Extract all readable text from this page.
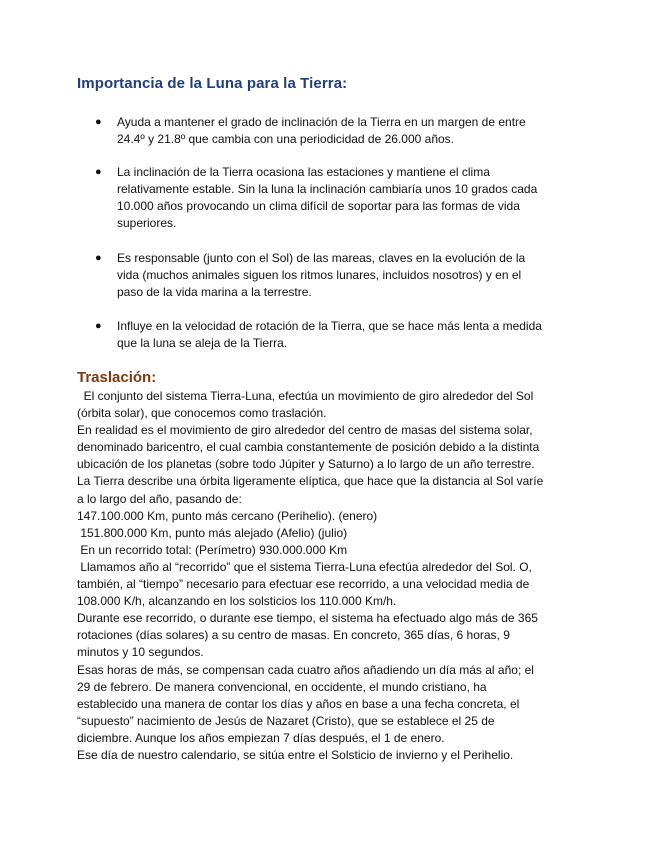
Importancia de la Luna para la Tierra:
● Ayuda a mantener el grado de inclinación de la Tierra en un margen de entre
24.4º y 21.8º que cambia con una periodicidad de 26.000 años.
● La inclinación de la Tierra ocasiona las estaciones y mantiene el clima
relativamente estable. Sin la luna la inclinación cambiaría unos 10 grados cada
10.000 años provocando un clima difícil de soportar para las formas de vida
superiores.
● Es responsable (junto con el Sol) de las mareas, claves en la evolución de la
vida (muchos animales siguen los ritmos lunares, incluidos nosotros) y en el
paso de la vida marina a la terrestre.
● Influye en la velocidad de rotación de la Tierra, que se hace más lenta a medida
que la luna se aleja de la Tierra.
Traslación:
El conjunto del sistema Tierra-Luna, efectúa un movimiento de giro alrededor del Sol
(órbita solar), que conocemos como traslación.
En realidad es el movimiento de giro alrededor del centro de masas del sistema solar,
denominado baricentro, el cual cambia constantemente de posición debido a la distinta
ubicación de los planetas (sobre todo Júpiter y Saturno) a lo largo de un año terrestre.
La Tierra describe una órbita ligeramente elíptica, que hace que la distancia al Sol varíe
a lo largo del año, pasando de:
147.100.000 Km, punto más cercano (Perihelio). (enero)
151.800.000 Km, punto más alejado (Afelio) (julio)
En un recorrido total: (Perímetro) 930.000.000 Km
Llamamos año al “recorrido” que el sistema Tierra-Luna efectúa alrededor del Sol. O,
también, al “tiempo” necesario para efectuar ese recorrido, a una velocidad media de
108.000 K/h, alcanzando en los solsticios los 110.000 Km/h.
Durante ese recorrido, o durante ese tiempo, el sistema ha efectuado algo más de 365
rotaciones (días solares) a su centro de masas. En concreto, 365 días, 6 horas, 9
minutos y 10 segundos.
Esas horas de más, se compensan cada cuatro años añadiendo un día más al año; el
29 de febrero. De manera convencional, en occidente, el mundo cristiano, ha
establecido una manera de contar los días y años en base a una fecha concreta, el
“supuesto” nacimiento de Jesús de Nazaret (Cristo), que se establece el 25 de
diciembre. Aunque los años empiezan 7 días después, el 1 de enero.
Ese día de nuestro calendario, se sitúa entre el Solsticio de invierno y el Perihelio.
